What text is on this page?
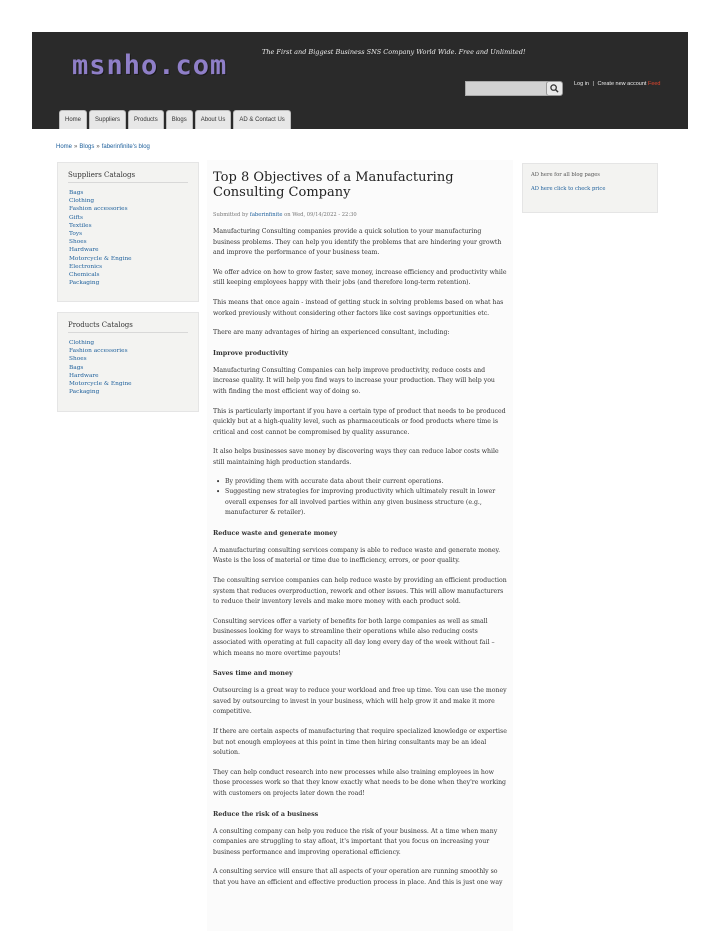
msnho.com	The First and Biggest Business SNS Company World Wide. Free and Unlimited!
Log in | Create new account Feed
Home	Suppliers	Products	Blogs	About Us	AD & Contact Us
Home » Blogs » faberinfinite's blog
Suppliers Catalogs
Bags
Clothing
Fashion accessories
Gifts
Textiles
Toys
Shoes
Hardware
Motorcycle & Engine
Electronics
Chemicals
Packaging
Products Catalogs
Clothing
Fashion accessories
Shoes
Bags
Hardware
Motorcycle & Engine
Packaging
Top 8 Objectives of a Manufacturing Consulting Company
Submitted by faberinfinite on Wed, 09/14/2022 - 22:30

Manufacturing Consulting companies provide a quick solution to your manufacturing business problems. They can help you identify the problems that are hindering your growth and improve the performance of your business team.

We offer advice on how to grow faster, save money, increase efficiency and productivity while still keeping employees happy with their jobs (and therefore long-term retention).

This means that once again - instead of getting stuck in solving problems based on what has worked previously without considering other factors like cost savings opportunities etc.

There are many advantages of hiring an experienced consultant, including:

Improve productivity

Manufacturing Consulting Companies can help improve productivity, reduce costs and increase quality. It will help you find ways to increase your production. They will help you with finding the most efficient way of doing so.

This is particularly important if you have a certain type of product that needs to be produced quickly but at a high-quality level, such as pharmaceuticals or food products where time is critical and cost cannot be compromised by quality assurance.

It also helps businesses save money by discovering ways they can reduce labor costs while still maintaining high production standards.

• By providing them with accurate data about their current operations.
• Suggesting new strategies for improving productivity which ultimately result in lower overall expenses for all involved parties within any given business structure (e.g., manufacturer & retailer).

Reduce waste and generate money

A manufacturing consulting services company is able to reduce waste and generate money. Waste is the loss of material or time due to inefficiency, errors, or poor quality.

The consulting service companies can help reduce waste by providing an efficient production system that reduces overproduction, rework and other issues. This will allow manufacturers to reduce their inventory levels and make more money with each product sold.

Consulting services offer a variety of benefits for both large companies as well as small businesses looking for ways to streamline their operations while also reducing costs associated with operating at full capacity all day long every day of the week without fail – which means no more overtime payouts!

Saves time and money

Outsourcing is a great way to reduce your workload and free up time. You can use the money saved by outsourcing to invest in your business, which will help grow it and make it more competitive.

If there are certain aspects of manufacturing that require specialized knowledge or expertise but not enough employees at this point in time then hiring consultants may be an ideal solution.

They can help conduct research into new processes while also training employees in how those processes work so that they know exactly what needs to be done when they're working with customers on projects later down the road!

Reduce the risk of a business

A consulting company can help you reduce the risk of your business. At a time when many companies are struggling to stay afloat, it's important that you focus on increasing your business performance and improving operational efficiency.

A consulting service will ensure that all aspects of your operation are running smoothly so that you have an efficient and effective production process in place. And this is just one way

AD here for all blog pages
AD here click to check price
